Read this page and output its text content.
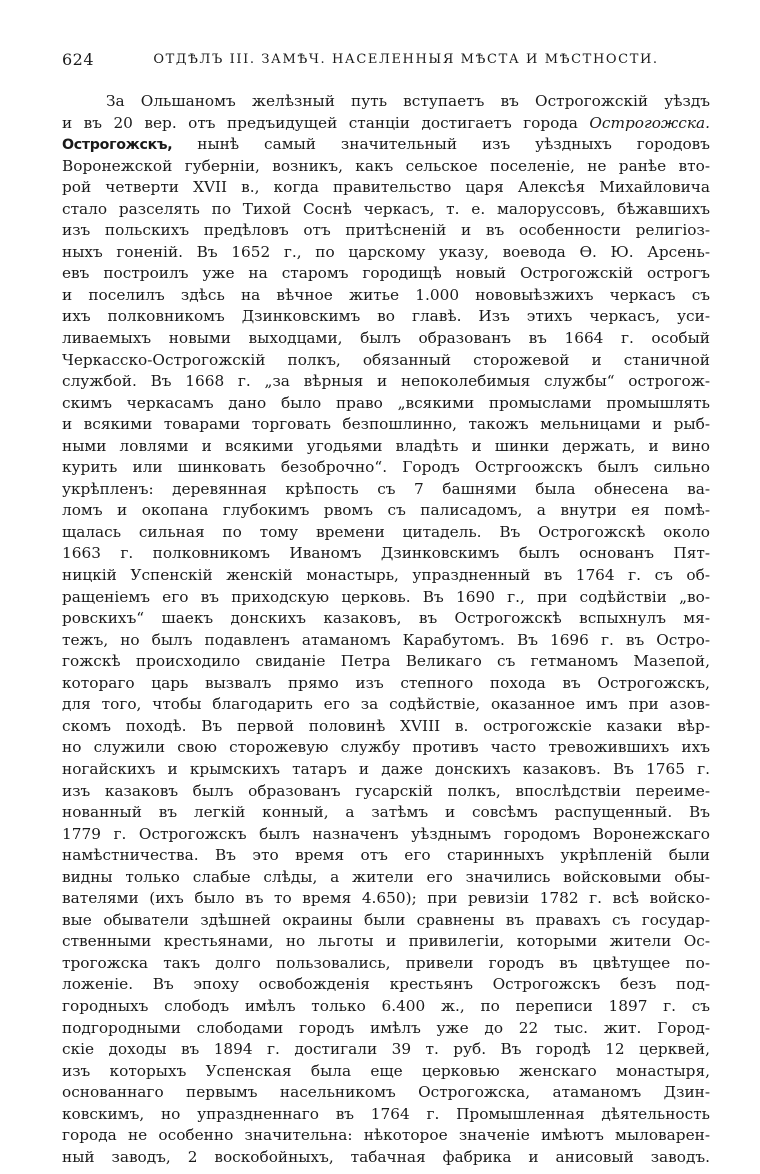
624	ОТДѢЛЪ III. ЗАМѢЧ. НАСЕЛЕННЫЯ МѢСТА И МѢСТНОСТИ.
За Ольшаномъ желѣзный путь вступаетъ въ Острогожскій уѣздъ
и въ 20 вер. отъ предъидущей станціи достигаетъ города Острогожска.
Острогожскъ, нынѣ самый значительный изъ уѣздныхъ городовъ
Воронежской губерніи, возникъ, какъ сельское поселеніе, не ранѣе вто-
рой четверти XVII в., когда правительство царя Алексѣя Михайловича
стало разселять по Тихой Соснѣ черкасъ, т. е. малоруссовъ, бѣжавшихъ
изъ польскихъ предѣловъ отъ притѣсненій и въ особенности религіоз-
ныхъ гоненій. Въ 1652 г., по царскому указу, воевода Ѳ. Ю. Арсень-
евъ построилъ уже на старомъ городищѣ новый Острогожскій острогъ
и поселилъ здѣсь на вѣчное житье 1.000 нововыѣзжихъ черкасъ съ
ихъ полковникомъ Дзинковскимъ во главѣ. Изъ этихъ черкасъ, уси-
ливаемыхъ новыми выходцами, былъ образованъ въ 1664 г. особый
Черкасско-Острогожскій полкъ, обязанный сторожевой и станичной
службой. Въ 1668 г. „за вѣрныя и непоколебимыя службы“ острогож-
скимъ черкасамъ дано было право „всякими промыслами промышлять
и всякими товарами торговать безпошлинно, такожъ мельницами и рыб-
ными ловлями и всякими угодьями владѣть и шинки держать, и вино
курить или шинковать безоброчно“. Городъ Остргоожскъ былъ сильно
укрѣпленъ: деревянная крѣпость съ 7 башнями была обнесена ва-
ломъ и окопана глубокимъ рвомъ съ палисадомъ, а внутри ея помѣ-
щалась сильная по тому времени цитадель. Въ Острогожскѣ около
1663 г. полковникомъ Иваномъ Дзинковскимъ былъ основанъ Пят-
ницкій Успенскій женскій монастырь, упраздненный въ 1764 г. съ об-
ращеніемъ его въ приходскую церковь. Въ 1690 г., при содѣйствіи „во-
ровскихъ“ шаекъ донскихъ казаковъ, въ Острогожскѣ вспыхнулъ мя-
тежъ, но былъ подавленъ атаманомъ Карабутомъ. Въ 1696 г. въ Остро-
гожскѣ происходило свиданіе Петра Великаго съ гетманомъ Мазепой,
котораго царь вызвалъ прямо изъ степного похода въ Острогожскъ,
для того, чтобы благодарить его за содѣйствіе, оказанное имъ при азов-
скомъ походѣ. Въ первой половинѣ XVIII в. острогожскіе казаки вѣр-
но служили свою сторожевую службу противъ часто тревожившихъ ихъ
ногайскихъ и крымскихъ татаръ и даже донскихъ казаковъ. Въ 1765 г.
изъ казаковъ былъ образованъ гусарскій полкъ, впослѣдствіи переиме-
нованный въ легкій конный, а затѣмъ и совсѣмъ распущенный. Въ
1779 г. Острогожскъ былъ назначенъ уѣзднымъ городомъ Воронежскаго
намѣстничества. Въ это время отъ его старинныхъ укрѣпленій были
видны только слабые слѣды, а жители его значились войсковыми обы-
вателями (ихъ было въ то время 4.650); при ревизіи 1782 г. всѣ войско-
вые обыватели здѣшней окраины были сравнены въ правахъ съ государ-
ственными крестьянами, но льготы и привилегіи, которыми жители Ос-
трогожска такъ долго пользовались, привели городъ въ цвѣтущее по-
ложеніе. Въ эпоху освобожденія крестьянъ Острогожскъ безъ под-
городныхъ слободъ имѣлъ только 6.400 ж., по переписи 1897 г. съ
подгородными слободами городъ имѣлъ уже до 22 тыс. жит. Город-
скіе доходы въ 1894 г. достигали 39 т. руб. Въ городѣ 12 церквей,
изъ которыхъ Успенская была еще церковью женскаго монастыря,
основаннаго первымъ насельникомъ Острогожска, атаманомъ Дзин-
ковскимъ, но упраздненнаго въ 1764 г. Промышленная дѣятельность
города не особенно значительна: нѣкоторое значеніе имѣютъ мыловарен-
ный заводъ, 2 воскобойныхъ, табачная фабрика и анисовый заводъ.
